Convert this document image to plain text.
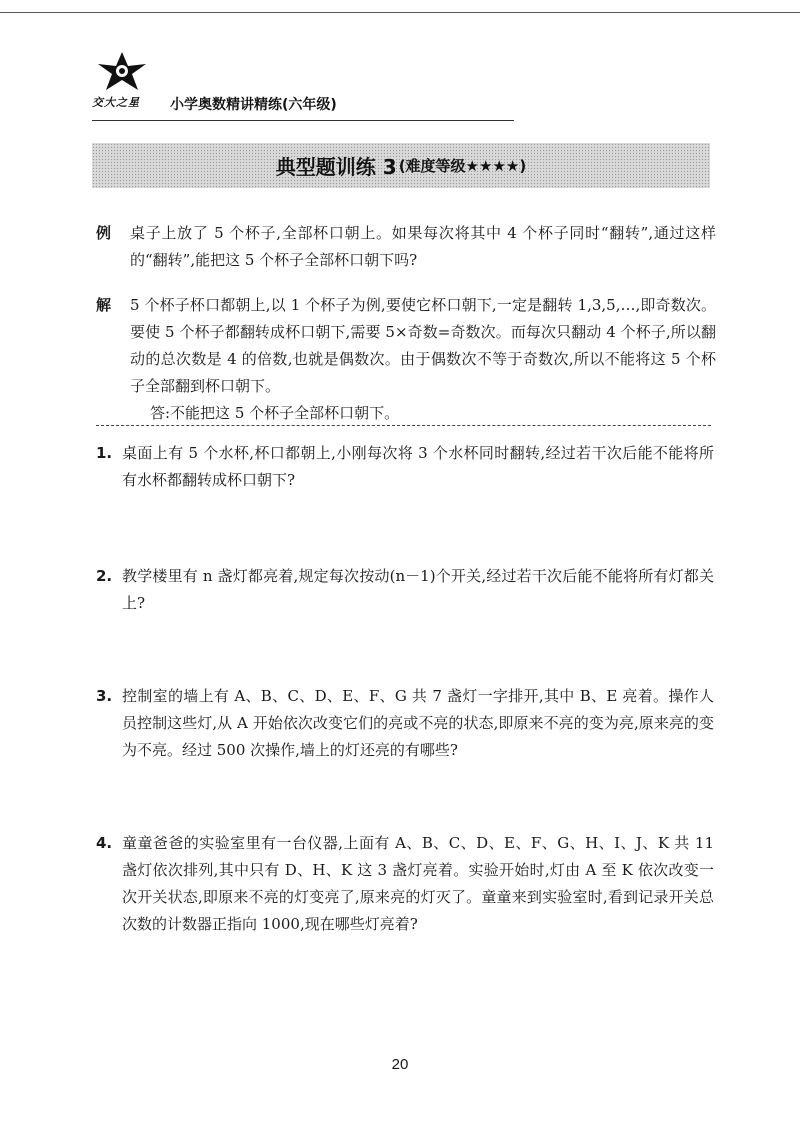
交大之星 小学奥数精讲精练(六年级)
典型题训练 3 (难度等级★★★★)
例 桌子上放了 5 个杯子,全部杯口朝上。如果每次将其中 4 个杯子同时“翻转”,通过这样的“翻转”,能把这 5 个杯子全部杯口朝下吗?
解 5 个杯子杯口都朝上,以 1 个杯子为例,要使它杯口朝下,一定是翻转 1,3,5,…,即奇数次。要使 5 个杯子都翻转成杯口朝下,需要 5×奇数=奇数次。而每次只翻动 4 个杯子,所以翻动的总次数是 4 的倍数,也就是偶数次。由于偶数次不等于奇数次,所以不能将这 5 个杯子全部翻到杯口朝下。
答:不能把这 5 个杯子全部杯口朝下。
1. 桌面上有 5 个水杯,杯口都朝上,小刚每次将 3 个水杯同时翻转,经过若干次后能不能将所有水杯都翻转成杯口朝下?
2. 教学楼里有 n 盏灯都亮着,规定每次按动(n－1)个开关,经过若干次后能不能将所有灯都关上?
3. 控制室的墙上有 A、B、C、D、E、F、G 共 7 盏灯一字排开,其中 B、E 亮着。操作人员控制这些灯,从 A 开始依次改变它们的亮或不亮的状态,即原来不亮的变为亮,原来亮的变为不亮。经过 500 次操作,墙上的灯还亮的有哪些?
4. 童童爸爸的实验室里有一台仪器,上面有 A、B、C、D、E、F、G、H、I、J、K 共 11 盏灯依次排列,其中只有 D、H、K 这 3 盏灯亮着。实验开始时,灯由 A 至 K 依次改变一次开关状态,即原来不亮的灯变亮了,原来亮的灯灭了。童童来到实验室时,看到记录开关总次数的计数器正指向 1000,现在哪些灯亮着?
20
